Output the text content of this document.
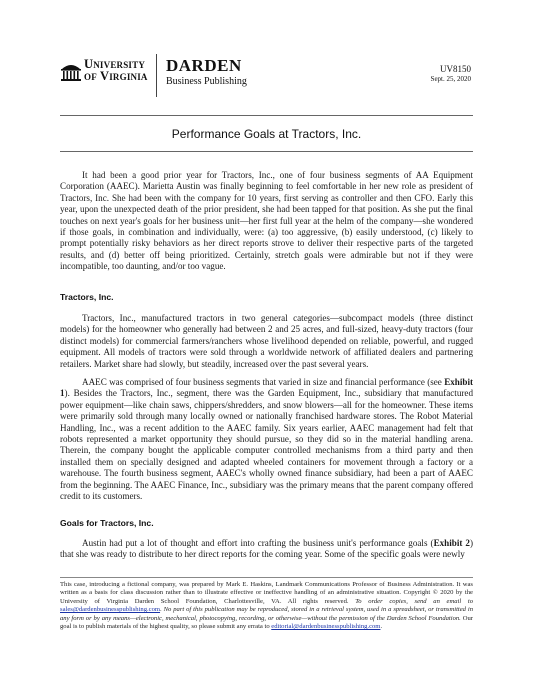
University
of Virginia
DARDEN
Business Publishing
UV8150
Sept. 25, 2020
Performance Goals at Tractors, Inc.

It had been a good prior year for Tractors, Inc., one of four business segments of AA Equipment Corporation (AAEC). Marietta Austin was finally beginning to feel comfortable in her new role as president of Tractors, Inc. She had been with the company for 10 years, first serving as controller and then CFO. Early this year, upon the unexpected death of the prior president, she had been tapped for that position. As she put the final touches on next year's goals for her business unit—her first full year at the helm of the company—she wondered if those goals, in combination and individually, were: (a) too aggressive, (b) easily understood, (c) likely to prompt potentially risky behaviors as her direct reports strove to deliver their respective parts of the targeted results, and (d) better off being prioritized. Certainly, stretch goals were admirable but not if they were incompatible, too daunting, and/or too vague.

Tractors, Inc.

Tractors, Inc., manufactured tractors in two general categories—subcompact models (three distinct models) for the homeowner who generally had between 2 and 25 acres, and full-sized, heavy-duty tractors (four distinct models) for commercial farmers/ranchers whose livelihood depended on reliable, powerful, and rugged equipment. All models of tractors were sold through a worldwide network of affiliated dealers and partnering retailers. Market share had slowly, but steadily, increased over the past several years.

AAEC was comprised of four business segments that varied in size and financial performance (see Exhibit 1). Besides the Tractors, Inc., segment, there was the Garden Equipment, Inc., subsidiary that manufactured power equipment—like chain saws, chippers/shredders, and snow blowers—all for the homeowner. These items were primarily sold through many locally owned or nationally franchised hardware stores. The Robot Material Handling, Inc., was a recent addition to the AAEC family. Six years earlier, AAEC management had felt that robots represented a market opportunity they should pursue, so they did so in the material handling arena. Therein, the company bought the applicable computer controlled mechanisms from a third party and then installed them on specially designed and adapted wheeled containers for movement through a factory or a warehouse. The fourth business segment, AAEC's wholly owned finance subsidiary, had been a part of AAEC from the beginning. The AAEC Finance, Inc., subsidiary was the primary means that the parent company offered credit to its customers.

Goals for Tractors, Inc.

Austin had put a lot of thought and effort into crafting the business unit's performance goals (Exhibit 2) that she was ready to distribute to her direct reports for the coming year. Some of the specific goals were newly

This case, introducing a fictional company, was prepared by Mark E. Haskins, Landmark Communications Professor of Business Administration. It was written as a basis for class discussion rather than to illustrate effective or ineffective handling of an administrative situation. Copyright © 2020 by the University of Virginia Darden School Foundation, Charlottesville, VA. All rights reserved. To order copies, send an email to sales@dardenbusinesspublishing.com. No part of this publication may be reproduced, stored in a retrieval system, used in a spreadsheet, or transmitted in any form or by any means—electronic, mechanical, photocopying, recording, or otherwise—without the permission of the Darden School Foundation. Our goal is to publish materials of the highest quality, so please submit any errata to editorial@dardenbusinesspublishing.com.
